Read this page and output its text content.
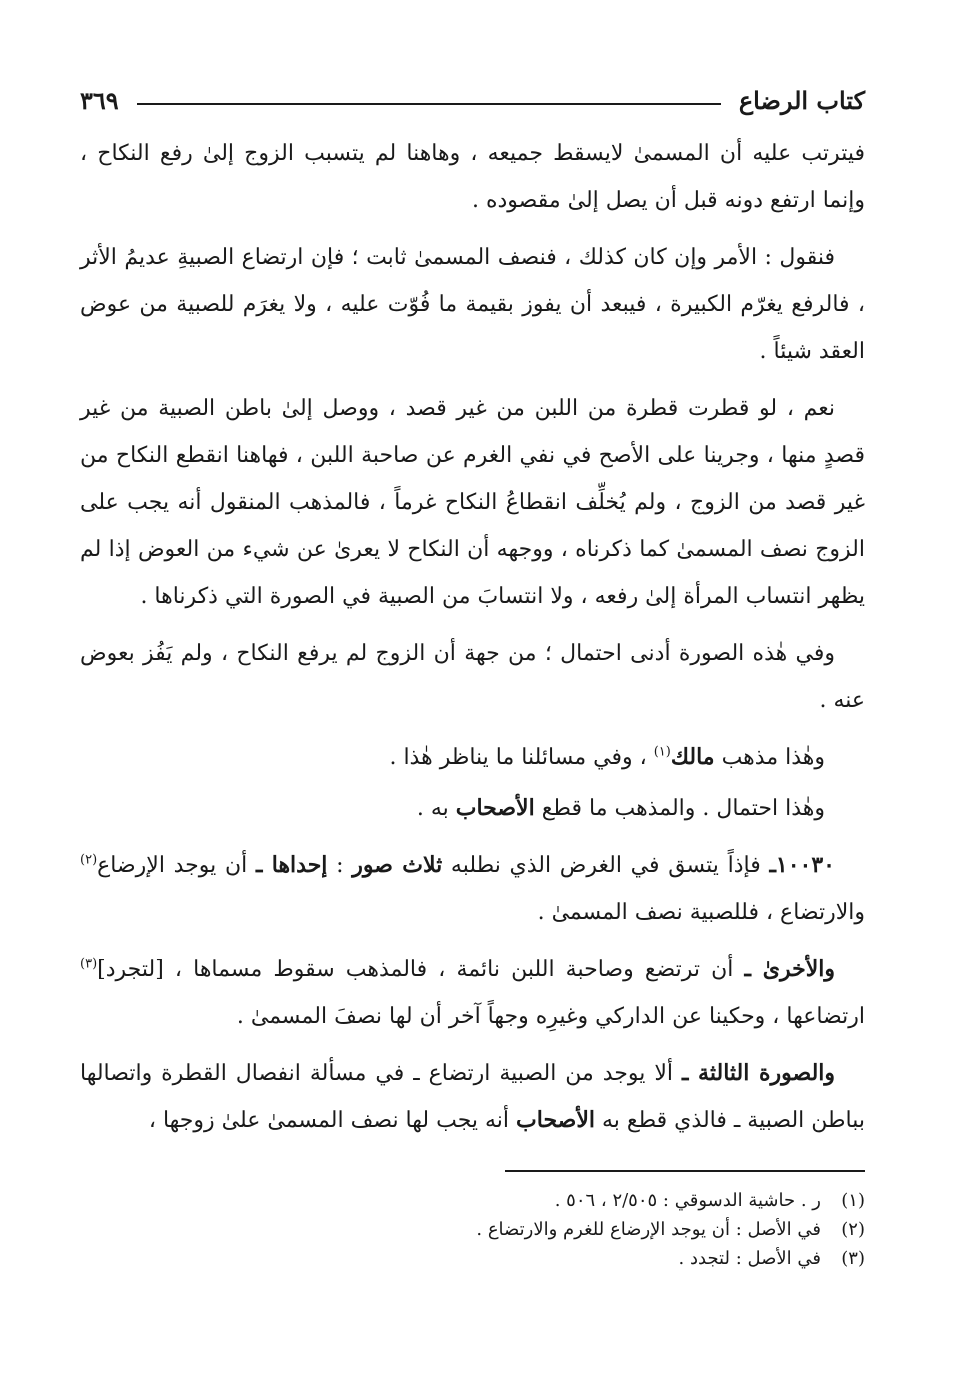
كتاب الرضاع
٣٦٩

فيترتب عليه أن المسمىٰ لايسقط جميعه ، وهاهنا لم يتسبب الزوج إلىٰ رفع النكاح ، وإنما ارتفع دونه قبل أن يصل إلىٰ مقصوده .

فنقول : الأمر وإن كان كذلك ، فنصف المسمىٰ ثابت ؛ فإن ارتضاع الصبيةِ عديمُ الأثر ، فالرفع يغرّم الكبيرة ، فيبعد أن يفوز بقيمة ما فُوّت عليه ، ولا يغرَم للصبية من عوض العقد شيئاً .

نعم ، لو قطرت قطرة من اللبن من غير قصد ، ووصل إلىٰ باطن الصبية من غير قصدٍ منها ، وجرينا على الأصح في نفي الغرم عن صاحبة اللبن ، فهاهنا انقطع النكاح من غير قصد من الزوج ، ولم يُخلِّف انقطاعُ النكاح غرماً ، فالمذهب المنقول أنه يجب على الزوج نصف المسمىٰ كما ذكرناه ، ووجهه أن النكاح لا يعرىٰ عن شيء من العوض إذا لم يظهر انتساب المرأة إلىٰ رفعه ، ولا انتسابَ من الصبية في الصورة التي ذكرناها .

وفي هٰذه الصورة أدنى احتمال ؛ من جهة أن الزوج لم يرفع النكاح ، ولم يَفُز بعوض عنه .

وهٰذا مذهب مالك$^{(١)}$ ، وفي مسائلنا ما يناظر هٰذا .

وهٰذا احتمال . والمذهب ما قطع الأصحاب به .

١٠٠٣٠ـ فإذاً يتسق في الغرض الذي نطلبه ثلاث صور : إحداها ـ أن يوجد الإرضاع$^{(٢)}$ والارتضاع ، فللصبية نصف المسمىٰ .

والأخرىٰ ـ أن ترتضع وصاحبة اللبن نائمة ، فالمذهب سقوط مسماها ، [لتجرد]$^{(٣)}$ ارتضاعها ، وحكينا عن الداركي وغيرِه وجهاً آخر أن لها نصفَ المسمىٰ .

والصورة الثالثة ـ ألا يوجد من الصبية ارتضاع ـ في مسألة انفصال القطرة واتصالها بباطن الصبية ـ فالذي قطع به الأصحاب أنه يجب لها نصف المسمىٰ علىٰ زوجها ،

(١)
ر . حاشية الدسوقي : ٢/٥٠٥ ، ٥٠٦ .
(٢)
في الأصل : أن يوجد الإرضاع للغرم والارتضاع .
(٣)
في الأصل : لتجدد .
